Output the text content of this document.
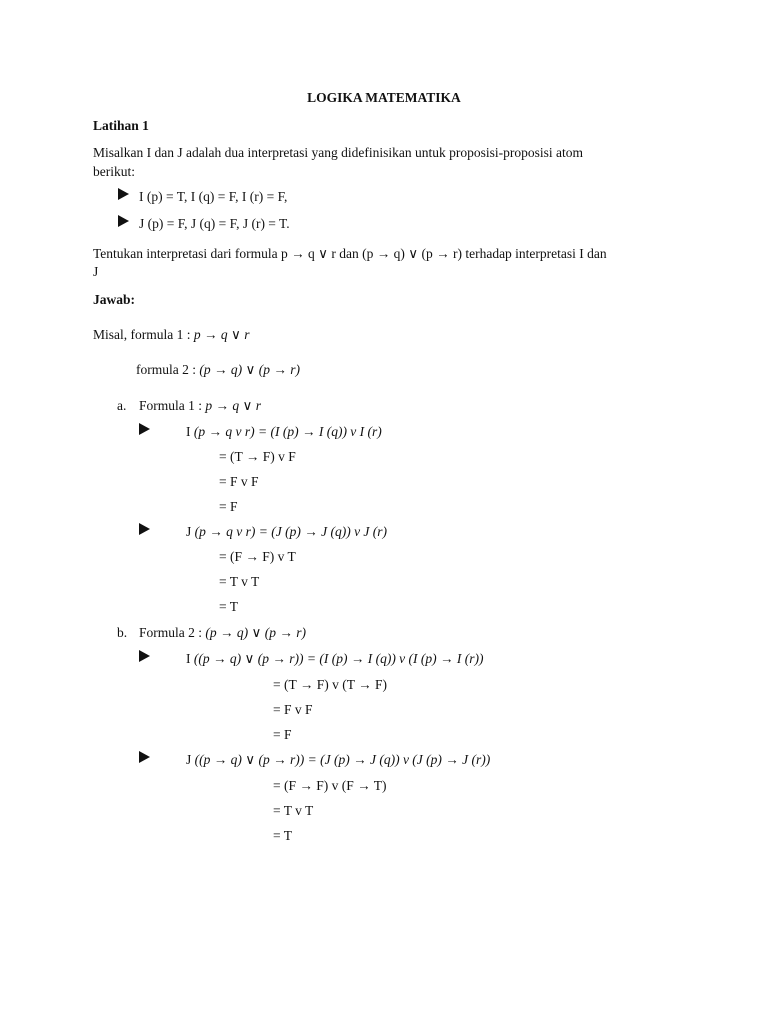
LOGIKA MATEMATIKA
Latihan 1
Misalkan I dan J adalah dua interpretasi yang didefinisikan untuk proposisi-proposisi atom
berikut:
I (p) = T, I (q) = F, I (r) = F,
J (p) = F, J (q) = F, J (r) = T.
Tentukan interpretasi dari formula p → q ∨ r dan (p → q) ∨ (p → r) terhadap interpretasi I dan
J
Jawab:
Misal, formula 1 : p → q ∨ r
formula 2 : (p → q) ∨ (p → r)
a. Formula 1 : p → q ∨ r
I (p → q v r) = (I (p) → I (q)) v I (r)
= (T → F) v F
= F v F
= F
J (p → q v r) = (J (p) → J (q)) v J (r)
= (F → F) v T
= T v T
= T
b. Formula 2 : (p → q) ∨ (p → r)
I ((p → q) ∨ (p → r)) = (I (p) → I (q)) v (I (p) → I (r))
= (T → F) v (T → F)
= F v F
= F
J ((p → q) ∨ (p → r)) = (J (p) → J (q)) v (J (p) → J (r))
= (F → F) v (F → T)
= T v T
= T
